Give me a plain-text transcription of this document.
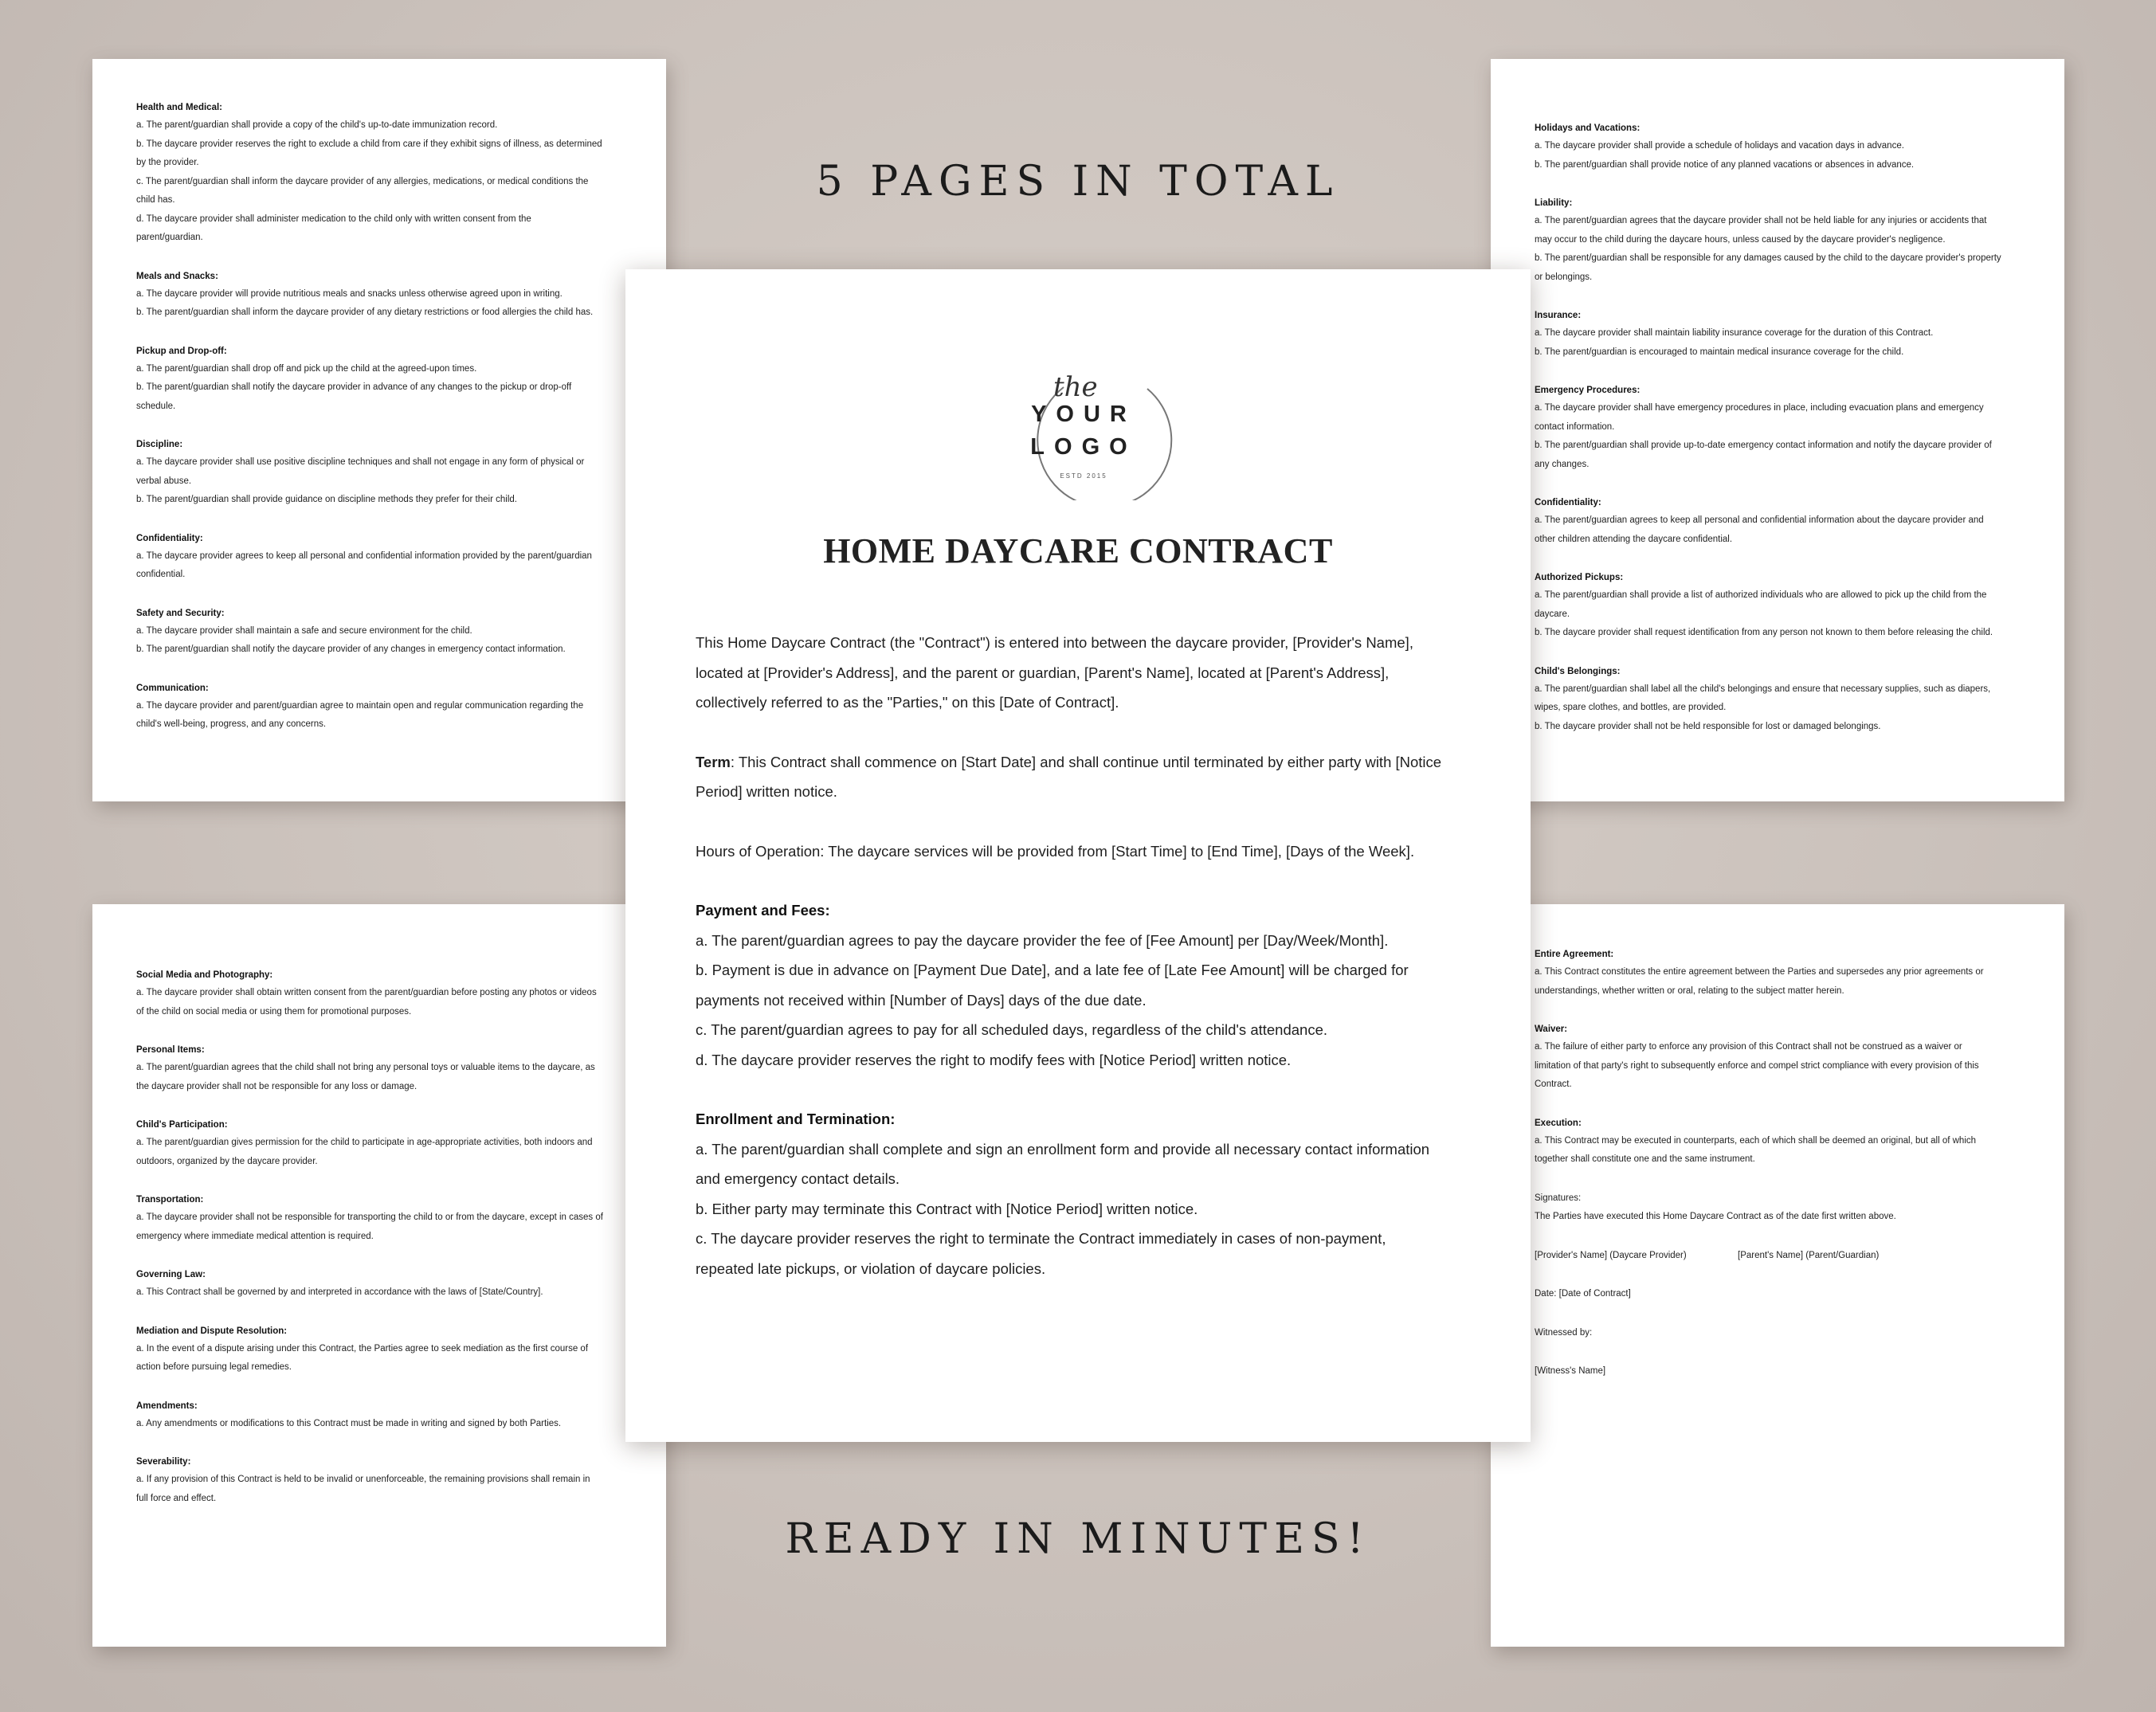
5 PAGES IN TOTAL
READY IN MINUTES!
Health and Medical:
a. The parent/guardian shall provide a copy of the child's up-to-date immunization record.
b. The daycare provider reserves the right to exclude a child from care if they exhibit signs of illness, as determined
by the provider.
c. The parent/guardian shall inform the daycare provider of any allergies, medications, or medical conditions the
child has.
d. The daycare provider shall administer medication to the child only with written consent from the
parent/guardian.
Meals and Snacks:
a. The daycare provider will provide nutritious meals and snacks unless otherwise agreed upon in writing.
b. The parent/guardian shall inform the daycare provider of any dietary restrictions or food allergies the child has.
Pickup and Drop-off:
a. The parent/guardian shall drop off and pick up the child at the agreed-upon times.
b. The parent/guardian shall notify the daycare provider in advance of any changes to the pickup or drop-off
schedule.
Discipline:
a. The daycare provider shall use positive discipline techniques and shall not engage in any form of physical or
verbal abuse.
b. The parent/guardian shall provide guidance on discipline methods they prefer for their child.
Confidentiality:
a. The daycare provider agrees to keep all personal and confidential information provided by the parent/guardian
confidential.
Safety and Security:
a. The daycare provider shall maintain a safe and secure environment for the child.
b. The parent/guardian shall notify the daycare provider of any changes in emergency contact information.
Communication:
a. The daycare provider and parent/guardian agree to maintain open and regular communication regarding the
child's well-being, progress, and any concerns.
Holidays and Vacations:
a. The daycare provider shall provide a schedule of holidays and vacation days in advance.
b. The parent/guardian shall provide notice of any planned vacations or absences in advance.
Liability:
a. The parent/guardian agrees that the daycare provider shall not be held liable for any injuries or accidents that
may occur to the child during the daycare hours, unless caused by the daycare provider's negligence.
b. The parent/guardian shall be responsible for any damages caused by the child to the daycare provider's property
or belongings.
Insurance:
a. The daycare provider shall maintain liability insurance coverage for the duration of this Contract.
b. The parent/guardian is encouraged to maintain medical insurance coverage for the child.
Emergency Procedures:
a. The daycare provider shall have emergency procedures in place, including evacuation plans and emergency
contact information.
b. The parent/guardian shall provide up-to-date emergency contact information and notify the daycare provider of
any changes.
Confidentiality:
a. The parent/guardian agrees to keep all personal and confidential information about the daycare provider and
other children attending the daycare confidential.
Authorized Pickups:
a. The parent/guardian shall provide a list of authorized individuals who are allowed to pick up the child from the
daycare.
b. The daycare provider shall request identification from any person not known to them before releasing the child.
Child's Belongings:
a. The parent/guardian shall label all the child's belongings and ensure that necessary supplies, such as diapers,
wipes, spare clothes, and bottles, are provided.
b. The daycare provider shall not be held responsible for lost or damaged belongings.
Social Media and Photography:
a. The daycare provider shall obtain written consent from the parent/guardian before posting any photos or videos
of the child on social media or using them for promotional purposes.
Personal Items:
a. The parent/guardian agrees that the child shall not bring any personal toys or valuable items to the daycare, as
the daycare provider shall not be responsible for any loss or damage.
Child's Participation:
a. The parent/guardian gives permission for the child to participate in age-appropriate activities, both indoors and
outdoors, organized by the daycare provider.
Transportation:
a. The daycare provider shall not be responsible for transporting the child to or from the daycare, except in cases of
emergency where immediate medical attention is required.
Governing Law:
a. This Contract shall be governed by and interpreted in accordance with the laws of [State/Country].
Mediation and Dispute Resolution:
a. In the event of a dispute arising under this Contract, the Parties agree to seek mediation as the first course of
action before pursuing legal remedies.
Amendments:
a. Any amendments or modifications to this Contract must be made in writing and signed by both Parties.
Severability:
a. If any provision of this Contract is held to be invalid or unenforceable, the remaining provisions shall remain in
full force and effect.
Entire Agreement:
a. This Contract constitutes the entire agreement between the Parties and supersedes any prior agreements or
understandings, whether written or oral, relating to the subject matter herein.
Waiver:
a. The failure of either party to enforce any provision of this Contract shall not be construed as a waiver or
limitation of that party's right to subsequently enforce and compel strict compliance with every provision of this
Contract.
Execution:
a. This Contract may be executed in counterparts, each of which shall be deemed an original, but all of which
together shall constitute one and the same instrument.
Signatures:
The Parties have executed this Home Daycare Contract as of the date first written above.
[Provider's Name] (Daycare Provider)	[Parent's Name] (Parent/Guardian)
Date: [Date of Contract]
Witnessed by:
[Witness's Name]
the
YOUR
LOGO
ESTD 2015
HOME DAYCARE CONTRACT
This Home Daycare Contract (the "Contract") is entered into between the daycare provider, [Provider's Name],
located at [Provider's Address], and the parent or guardian, [Parent's Name], located at [Parent's Address],
collectively referred to as the "Parties," on this [Date of Contract].
Term: This Contract shall commence on [Start Date] and shall continue until terminated by either party with [Notice
Period] written notice.
Hours of Operation: The daycare services will be provided from [Start Time] to [End Time], [Days of the Week].
Payment and Fees:
a. The parent/guardian agrees to pay the daycare provider the fee of [Fee Amount] per [Day/Week/Month].
b. Payment is due in advance on [Payment Due Date], and a late fee of [Late Fee Amount] will be charged for
payments not received within [Number of Days] days of the due date.
c. The parent/guardian agrees to pay for all scheduled days, regardless of the child's attendance.
d. The daycare provider reserves the right to modify fees with [Notice Period] written notice.
Enrollment and Termination:
a. The parent/guardian shall complete and sign an enrollment form and provide all necessary contact information
and emergency contact details.
b. Either party may terminate this Contract with [Notice Period] written notice.
c. The daycare provider reserves the right to terminate the Contract immediately in cases of non-payment,
repeated late pickups, or violation of daycare policies.
